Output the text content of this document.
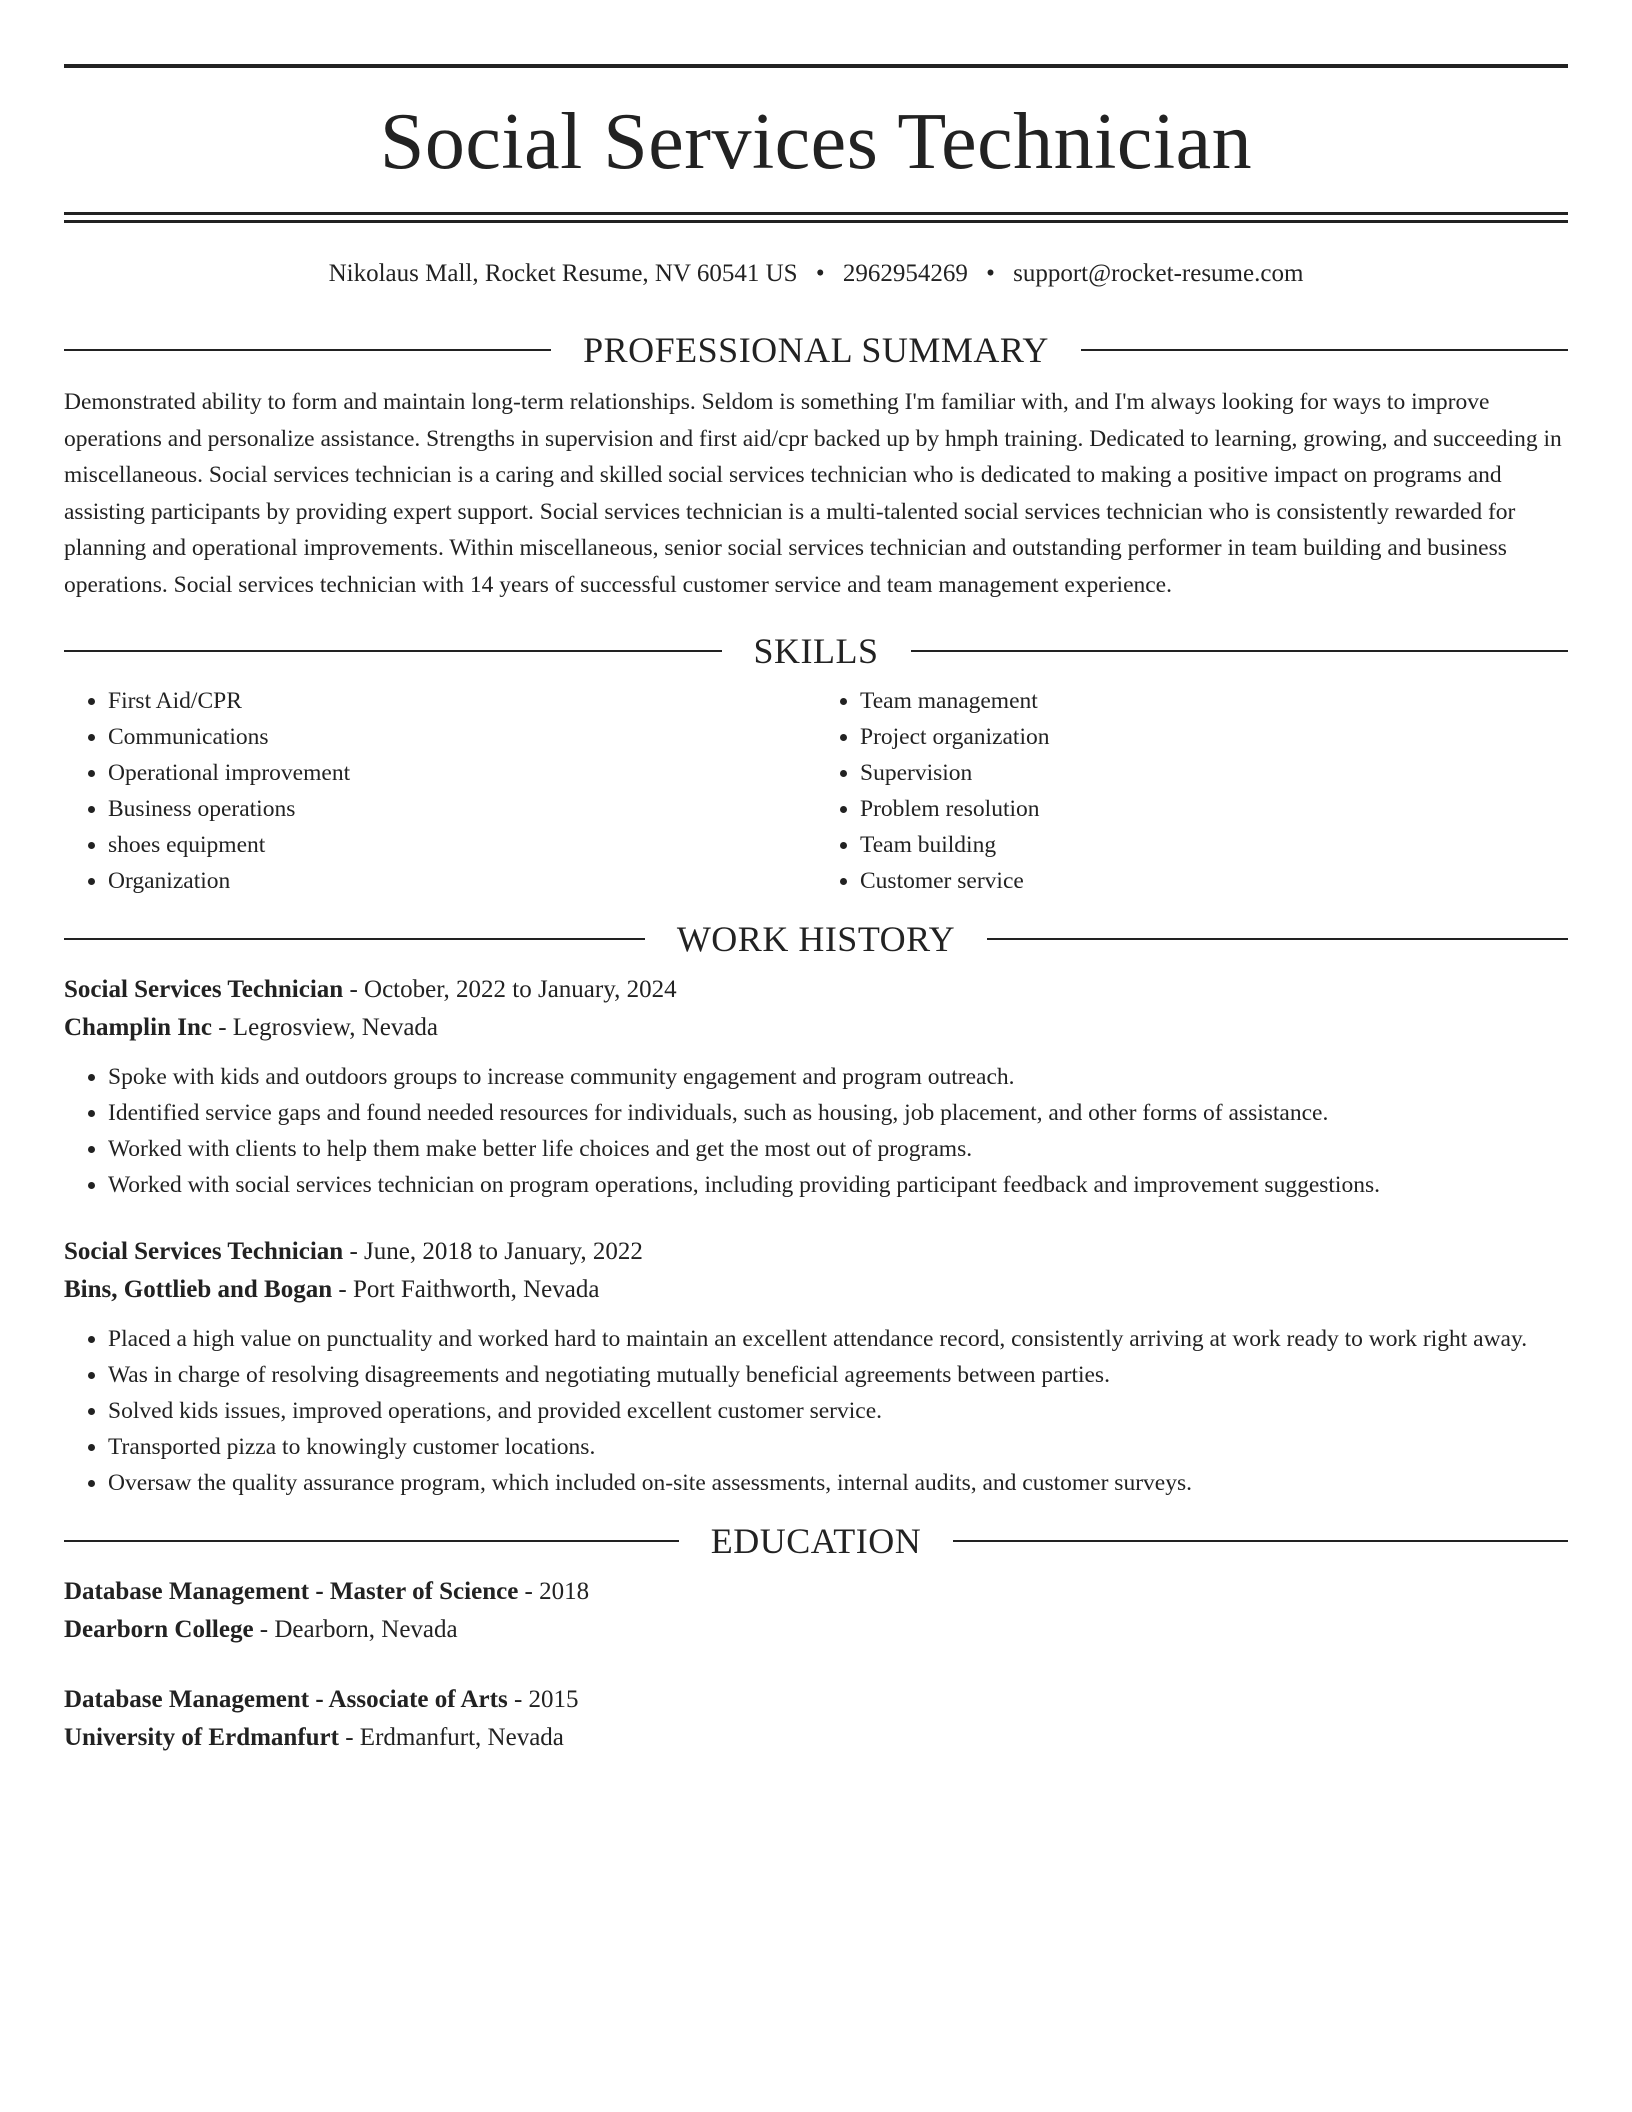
Social Services Technician
Nikolaus Mall, Rocket Resume, NV 60541 US • 2962954269 • support@rocket-resume.com
PROFESSIONAL SUMMARY
Demonstrated ability to form and maintain long-term relationships. Seldom is something I'm familiar with, and I'm always looking for ways to improve operations and personalize assistance. Strengths in supervision and first aid/cpr backed up by hmph training. Dedicated to learning, growing, and succeeding in miscellaneous. Social services technician is a caring and skilled social services technician who is dedicated to making a positive impact on programs and assisting participants by providing expert support. Social services technician is a multi-talented social services technician who is consistently rewarded for planning and operational improvements. Within miscellaneous, senior social services technician and outstanding performer in team building and business operations. Social services technician with 14 years of successful customer service and team management experience.
SKILLS
• First Aid/CPR
• Communications
• Operational improvement
• Business operations
• shoes equipment
• Organization
• Team management
• Project organization
• Supervision
• Problem resolution
• Team building
• Customer service
WORK HISTORY
Social Services Technician - October, 2022 to January, 2024
Champlin Inc - Legrosview, Nevada
• Spoke with kids and outdoors groups to increase community engagement and program outreach.
• Identified service gaps and found needed resources for individuals, such as housing, job placement, and other forms of assistance.
• Worked with clients to help them make better life choices and get the most out of programs.
• Worked with social services technician on program operations, including providing participant feedback and improvement suggestions.
Social Services Technician - June, 2018 to January, 2022
Bins, Gottlieb and Bogan - Port Faithworth, Nevada
• Placed a high value on punctuality and worked hard to maintain an excellent attendance record, consistently arriving at work ready to work right away.
• Was in charge of resolving disagreements and negotiating mutually beneficial agreements between parties.
• Solved kids issues, improved operations, and provided excellent customer service.
• Transported pizza to knowingly customer locations.
• Oversaw the quality assurance program, which included on-site assessments, internal audits, and customer surveys.
EDUCATION
Database Management - Master of Science - 2018
Dearborn College - Dearborn, Nevada
Database Management - Associate of Arts - 2015
University of Erdmanfurt - Erdmanfurt, Nevada
